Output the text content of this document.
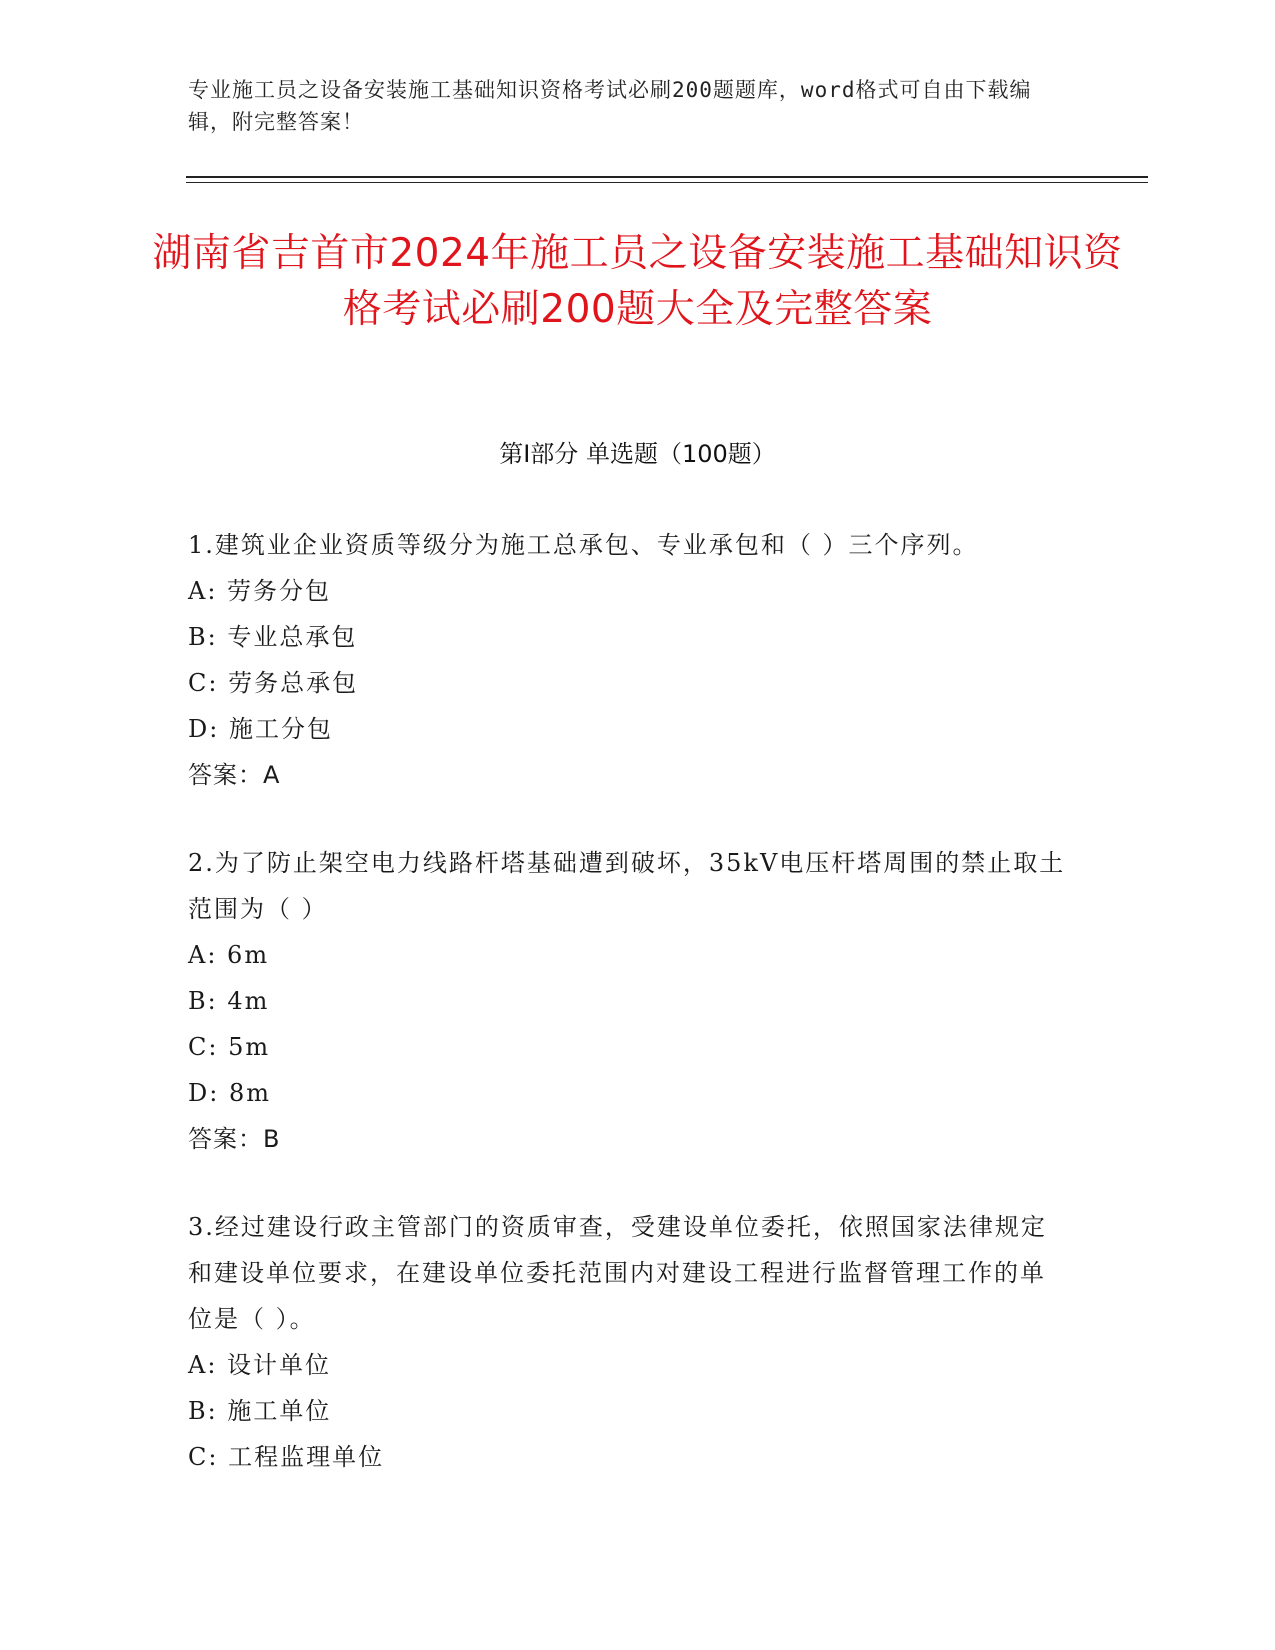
专业施工员之设备安装施工基础知识资格考试必刷200题题库，word格式可自由下载编辑，附完整答案！
湖南省吉首市2024年施工员之设备安装施工基础知识资格考试必刷200题大全及完整答案
第I部分 单选题（100题）
1.建筑业企业资质等级分为施工总承包、专业承包和（ ）三个序列。
A: 劳务分包
B: 专业总承包
C: 劳务总承包
D: 施工分包
答案：A
2.为了防止架空电力线路杆塔基础遭到破坏，35kV电压杆塔周围的禁止取土范围为（ ）
A: 6m
B: 4m
C: 5m
D: 8m
答案：B
3.经过建设行政主管部门的资质审查，受建设单位委托，依照国家法律规定和建设单位要求，在建设单位委托范围内对建设工程进行监督管理工作的单位是（ ）。
A: 设计单位
B: 施工单位
C: 工程监理单位
